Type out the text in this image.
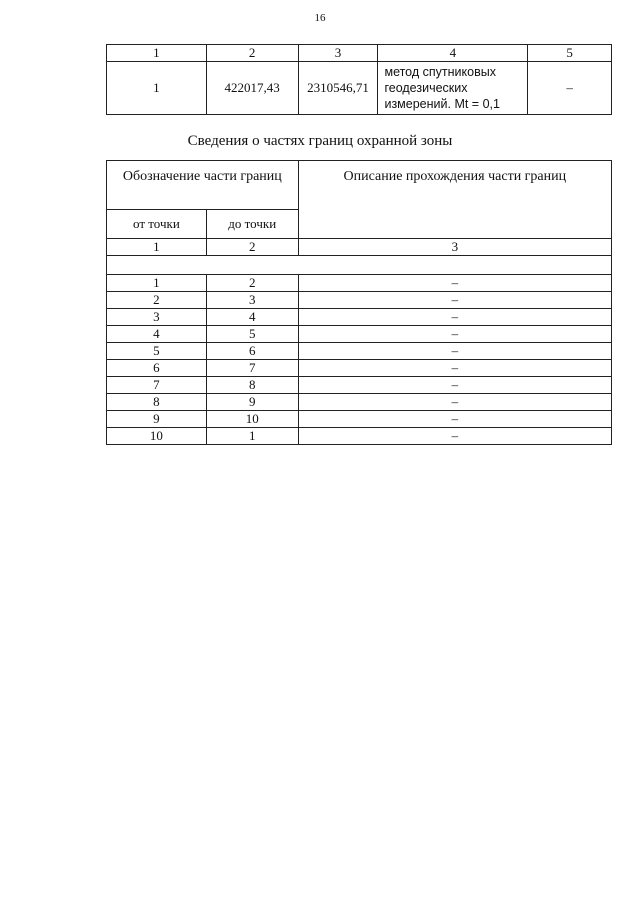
16
1	2	3	4	5
1	422017,43	2310546,71	метод спутниковых
геодезических
измерений. Mt = 0,1	–
Сведения о частях границ охранной зоны
Обозначение части границ		Описание прохождения части границ
от точки	до точки	
1	2	3

1	2	–
2	3	–
3	4	–
4	5	–
5	6	–
6	7	–
7	8	–
8	9	–
9	10	–
10	1	–
